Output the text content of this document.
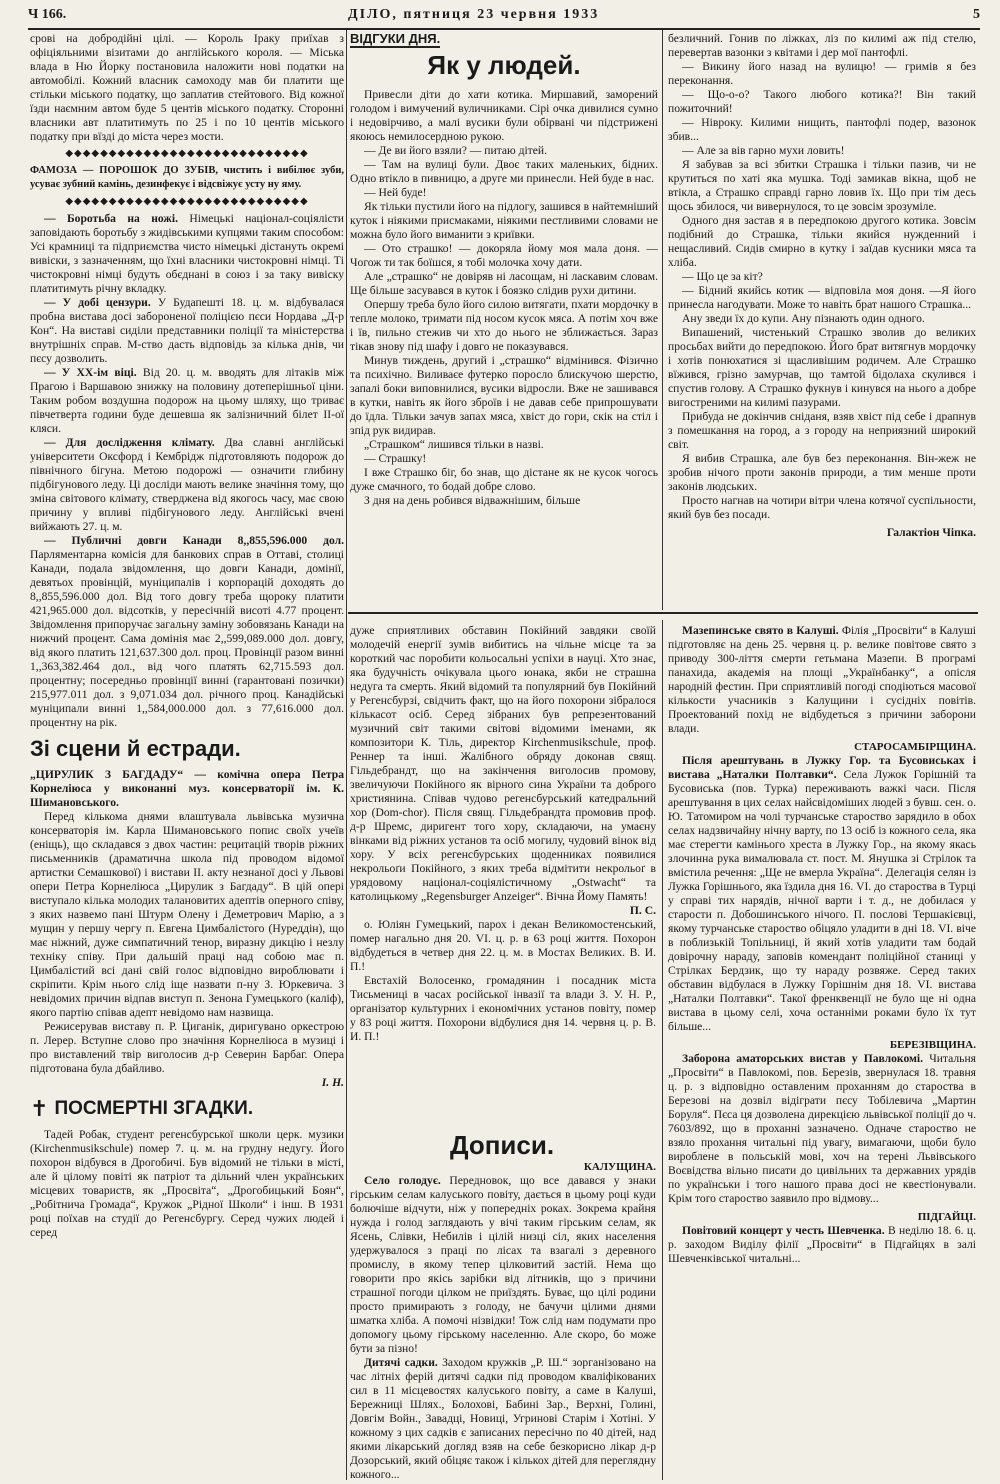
Ч 166.	ДІЛО, пятниця 23 червня 1933	5

срові на добродійні цілі. — Король Іраку приїхав з офіціяльними візитами до англійського короля. — Міська влада в Ню Йорку постановила наложити нові податки на автомобілі. Кожний власник самоходу мав би платити ще стільки міського податку, що заплатив стейтового. Від кожної їзди наємним автом буде 5 центів міського податку. Сторонні власники авт платитимуть по 25 і по 10 центів міського податку при вїзді до міста через мости.

◆◆◆◆◆◆◆◆◆◆◆◆◆◆◆◆◆◆◆◆◆◆◆◆◆◆◆◆

ФАМОЗА — ПОРОШОК ДО ЗУБІВ, чистить і вибілює зуби, усуває зубний камінь, дезинфекує і відсвіжує усту ну яму.

◆◆◆◆◆◆◆◆◆◆◆◆◆◆◆◆◆◆◆◆◆◆◆◆◆◆◆◆

— Боротьба на ножі. Німецькі націонал-соціялісти заповідають боротьбу з жидівськими купцями таким способом: Усі крамниці та підприємства чисто німецькі дістануть окремі вивіски, з зазначенням, що їхні власники чистокровні німці. Ті чистокровні німці будуть обєднані в союз і за таку вивіску платитимуть річну вкладку.

— У добі цензури. У Будапешті 18. ц. м. відбувалася пробна вистава досі забороненої поліцією пєси Нордава „Д-р Кон“. На виставі сиділи представники поліції та міністерства внутрішніх справ. М-ство дасть відповідь за кілька днів, чи пєсу дозволить.

— У ХХ-ім віці. Від 20. ц. м. вводять для літаків між Прагою і Варшавою знижку на половину дотеперішньої ціни. Таким робом воздушна подорож на цьому шляху, що триває півчетверта години буде дешевша як залізничний білет ІІ-ої кляси.

— Для дослідження клімату. Два славні англійські університети Оксфорд і Кембрідж підготовляють подорож до північного бігуна. Метою подорожі — означити глибину підбігунового леду. Ці досліди мають велике значіння тому, що зміна світового клімату, стверджена від якогось часу, має свою причину у впливі підбігунового леду. Англійські вчені вийжають 27. ц. м.

— Публичні довги Канади 8,,855,596.000 дол. Парляментарна комісія для банкових справ в Оттаві, столиці Канади, подала звідомлення, що довги Канади, домінії, девятьох провінцій, муніципалів і корпорацій доходять до 8,,855,596.000 дол. Від того довгу треба щороку платити 421,965.000 дол. відсотків, у пересічній висоті 4.77 процент. Звідомлення припоручає загальну заміну зобовязань Канади на нижчий процент. Сама домінія має 2,,599,089.000 дол. довгу, від якого платить 121,637.300 дол. проц. Провінції разом винні 1,,363,382.464 дол., від чого платять 62,715.593 дол. процентну; посередньо провінції винні (гарантовані позички) 215,977.011 дол. з 9,071.034 дол. річного проц. Канадійські муніципали винні 1,,584,000.000 дол. з 77,616.000 дол. процентну на рік.

Зі сцени й естради.

„ЦИРУЛИК З БАГДАДУ“ — комічна опера Петра Корнеліюса у виконанні муз. консерваторії ім. К. Шимановського.

Перед кількома днями влаштувала львівська музична консерваторія ім. Карла Шимановського попис своїх учеїв (еніщь), що складався з двох частин: рецитацій творів ріжних письменників (драматична школа під проводом відомої артистки Семашкової) і вистави ІІ. акту незнаної досі у Львові опери Петра Корнеліюса „Цирулик з Багдаду“. В цій опері виступало кілька молодих талановитих адептів оперного співу, з яких назвемо пані Штурм Олену і Деметрович Марію, а з мущин у першу чергу п. Евгена Цимбалістого (Нуреддін), що має ніжний, дуже симпатичний тенор, виразну дикцію і незлу техніку співу. При дальшій праці над собою має п. Цимбалістий всі дані свій голос відповідно вироблювати і скріпити. Крім нього слід іще назвати п-ну З. Юркевича. З невідомих причин відпав виступ п. Зенона Гумецького (каліф), якого партію співав адепт невідомо нам назвища.

Режисерував виставу п. Р. Циганік, диригувано оркестрою п. Лерер. Вступне слово про значіння Корнеліюса в музиці і про виставлений твір виголосив д-р Северин Барбаг. Опера підготована була дбайливо.

І. Н.
✝ ПОСМЕРТНІ ЗГАДКИ.

Тадей Робак, студент регенсбурської школи церк. музики (Kirchenmusikschule) помер 7. ц. м. на грудну недугу. Його похорон відбувся в Дрогобичі. Був відомий не тільки в місті, але й цілому повіті як патріот та дільний член українських місцевих товариств, як „Просвіта“, „Дрогобицький Боян“, „Робітнича Громада“, Кружок „Рідної Школи“ і інш. В 1931 році поїхав на студії до Регенсбургу. Серед чужих людей і серед

ВІДГУКИ ДНЯ.
Як у людей.

Привесли діти до хати котика. Миршавий, заморений голодом і вимучений вуличниками. Сірі очка дивилися сумно і недовірчиво, а малі вусики були обірвані чи підстрижені якоюсь немилосердною рукою.

— Де ви його взяли? — питаю дітей.

— Там на вулиці були. Двоє таких маленьких, бідних. Одно втікло в пивницю, а друге ми принесли. Ней буде в нас.

— Ней буде!

Як тільки пустили його на підлогу, зашився в найтемніший куток і ніякими присмаками, ніякими пестливими словами не можна було його виманити з криївки.

— Ото страшко! — докоряла йому моя мала доня. — Чогож ти так боїшся, я тобі молочка хочу дати.

Але „страшко“ не довіряв ні ласощам, ні ласкавим словам. Ще більше засувався в куток і боязко слідив рухи дитини.

Опершу треба було його силою витягати, пхати мордочку в тепле молоко, тримати під носом кусок мяса. А потім хоч вже і їв, пильно стежив чи хто до нього не зближається. Зараз тікав знову під шафу і довго не показувався.

Минув тиждень, другий і „страшко“ відмінився. Фізично та психічно. Виливаєе футерко поросло блискучою шерстю, запалі боки виповнилися, вусики відросли. Вже не зашивався в кутки, навіть як його зброїв і не давав себе припрошувати до їдла. Тільки зачув запах мяса, хвіст до гори, скік на стіл і зпід рук видирав.

„Страшком“ лишився тільки в назві.

— Страшку!

І вже Страшко біг, бо знав, що дістане як не кусок чогось дуже смачного, то бодай добре слово.

З дня на день робився відважнішим, більше

безличний. Гонив по ліжках, ліз по килимі аж під стелю, перевертав вазонки з квітами і дер мої пантофлі.

— Викину його назад на вулицю! — гримів я без переконання.

— Що-о-о? Такого любого котика?! Він такий пожиточний!

— Нівроку. Килими нищить, пантофлі подер, вазонок збив...

— Але за вів гарно мухи ловить!

Я забував за всі збитки Страшка і тільки пазив, чи не крутиться по хаті яка мушка. Тоді замикав вікна, щоб не втікла, а Страшко справді гарно ловив їх. Що при тім десь щось збилося, чи вивернулося, то це зовсім зрозуміле.

Одного дня застав я в передпокою другого котика. Зовсім подібний до Страшка, тільки якийся нужденний і нещасливий. Сидів смирно в кутку і заїдав кусники мяса та хліба.

— Що це за кіт?

— Бідний якийсь котик — відповіла моя доня. —Я його принесла нагодувати. Може то навіть брат нашого Страшка...

Ану зведи їх до купи. Ану пізнають один одного.

Випашений, чистенький Страшко зволив до великих просьбах вийти до передпокою. Його брат витягнув мордочку і хотів понюхатися зі щасливішим родичем. Але Страшко вїжився, грізно замурчав, що тамтой бідолаха скулився і спустив голову. А Страшко фукнув і кинувся на нього а добре вигостреними на килимі пазурами.

Прибуда не докінчив сніданя, взяв хвіст під себе і драпнув з помешкання на город, а з городу на неприязний широкий світ.

Я вибив Страшка, але був без переконання. Він-жеж не зробив нічого проти законів природи, а тим менше проти законів людських.

Просто нагнав на чотири вітри члена котячої суспільности, який був без посади.

Галактіон Чіпка.

дуже сприятливих обставин Покійний завдяки своїй молодечій енергії зумів вибитись на чільне місце та за короткий час поробити кольосальні успіхи в науці. Хто знає, яка будучність очікувала цього юнака, якби не страшна недуга та смерть. Який відомий та популярний був Покійний у Регенсбурзі, свідчить факт, що на його похорони зібралося кількасот осіб. Серед зібраних був репрезентований музичний світ такими світові відомими іменами, як композитори К. Тіль, директор Kirchenmusikschule, проф. Реннер та інші. Жалібного обряду доконав свящ. Гільдебрандт, що на закінчення виголосив промову, звеличуючи Покійного як вірного сина України та доброго християнина. Співав чудово регенсбурський катедральний хор (Dom-chor). Після свящ. Гільдебрандта промовив проф. д-р Шремс, диригент того хору, складаючи, на умаєну вінками від ріжних установ та осіб могилу, чудовий вінок від хору. У всіх регенсбурських щоденниках появилися некрольоґи Покійного, з яких треба відмітити некрольоґ в урядовому націонал-соціялістичному „Ostwacht“ та католицькому „Regensburger Anzeiger“. Вічна Йому Память!

П. С.

о. Юліян Гумецький, парох і декан Великомостенський, помер нагально дня 20. VI. ц. р. в 63 році життя. Похорон відбудеться в четвер дня 22. ц. м. в Мостах Великих. В. И. П.!

Евстахій Волосенко, громадянин і посадник міста Тисьмениці в часах російської інвазії та влади З. У. Н. Р., організатор культурних і економічних установ повіту, помер у 83 році життя. Похорони відбулися дня 14. червня ц. р. В. И. П.!

Дописи.
КАЛУЩИНА.

Село голодує. Передновок, що все давався у знаки гірським селам калуського повіту, дається в цьому році куди болючіше відчути, ніж у попередніх роках. Зокрема крайня нужда і голод заглядають у вічі таким гірським селам, як Ясень, Слівки, Небилів і цілій низці сіл, яких населення удержувалося з праці по лісах та взагалі з деревного промислу, в якому тепер цілковитий застій. Нема що говорити про якісь зарібки від літників, що з причини страшної погоди цілком не приїздять. Буває, що цілі родини просто примирають з голоду, не бачучи цілими днями шматка хліба. А помочі нізвідки! Тож слід нам подумати про допомогу цьому гірському населенню. Але скоро, бо може бути за пізно!

Дитячі садки. Заходом кружків „Р. Ш.“ зорганізовано на час літніх ферій дитячі садки під проводом кваліфікованих сил в 11 місцевостях калуського повіту, а саме в Калуші, Бережниці Шлях., Болохові, Бабині Зар., Верхні, Голині, Довгім Войн., Завадці, Новиці, Угринові Старім і Хотіні. У кожному з цих садків є записаних пересічно по 40 дітей, над якими лікарський догляд взяв на себе безкорисно лікар д-р Дозорський, який обіцяє також і кількох дітей для переглядну кожного...

Мазепинське свято в Калуші. Філія „Просвіти“ в Калуші підготовляє на день 25. червня ц. р. велике повітове свято з приводу 300-ліття смерти гетьмана Мазепи. В програмі панахида, академія на площі „Українбанку“, а опісля народній фестин. При сприятливій погоді сподіються масової кількости учасників з Калущини і сусідніх повітів. Проектований похід не відбудеться з причини заборони влади.

СТАРОСАМБІРЩИНА.

Після арештувань в Лужку Гор. та Бусовиськах і вистава „Наталки Полтавки“. Села Лужок Горішній та Бусовиська (пов. Турка) переживають важкі часи. Після арештування в цих селах найсвідоміших людей з бувш. сен. о. Ю. Татомиром на чолі турчанське староство зарядило в обох селах надзвичайну нічну варту, по 13 осіб із кожного села, яка має стерегти камінього хреста в Лужку Гор., на якому якась злочинна рука вималювала ст. пост. М. Янушка зі Стрілок та вмістила речення: „Ще не вмерла Україна“. Делегація селян із Лужка Горішнього, яка їздила дня 16. VI. до староства в Турці у справі тих нарядів, нічної варти і т. д., не добилася у старости п. Добошинського нічого. П. послові Тершакієвці, якому турчанське староство обіцяло уладити в дні 18. VI. віче в поблизькій Топільниці, й який хотів уладити там бодай довірочну нараду, заповів комендант поліційної станиці у Стрілках Бердзик, що ту нараду розвяже. Серед таких обставин відбулася в Лужку Горішнім дня 18. VI. вистава „Наталки Полтавки“. Такої френквенції не було ще ні одна вистава в цьому селі, хоча останніми роками було їх тут більше...

БЕРЕЗІВЩИНА.

Заборона аматорських вистав у Павлокомі. Читальня „Просвіти“ в Павлокомі, пов. Березів, звернулася 18. травня ц. р. з відповідно оставленим проханням до староства в Березові на дозвіл відіграти пєсу Тобілевича „Мартин Боруля“. Пєса ця дозволена дирекцією львівської поліції до ч. 7603/892, що в проханні зазначено. Одначе староство не взяло прохання читальні під увагу, вимагаючи, щоби було вироблене в польській мові, хоч на терені Львівського Воєвідства вільно писати до цивільних та державних урядів по українськи і того нашого права досі не квестіонували. Крім того староство заявило про відмову...

ПІДГАЙЦІ.

Повітовий концерт у честь Шевченка. В неділю 18. 6. ц. р. заходом Виділу філії „Просвіти“ в Підгайцях в залі Шевченківської читальні...
